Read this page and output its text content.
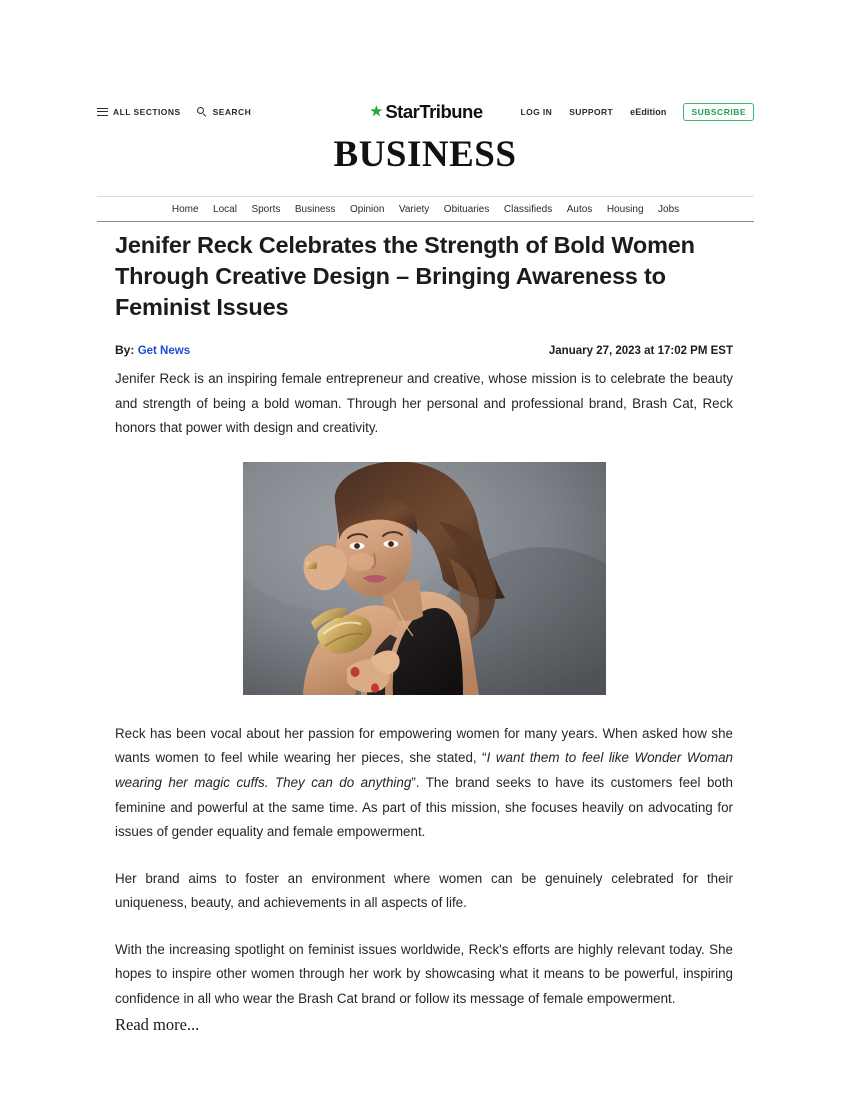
ALL SECTIONS	SEARCH	StarTribune	LOG IN SUPPORT eEdition	SUBSCRIBE
BUSINESS
Home Local Sports Business Opinion Variety Obituaries Classifieds Autos Housing Jobs
Jenifer Reck Celebrates the Strength of Bold Women Through Creative Design – Bringing Awareness to Feminist Issues
By: Get News	January 27, 2023 at 17:02 PM EST

Jenifer Reck is an inspiring female entrepreneur and creative, whose mission is to celebrate the beauty and strength of being a bold woman. Through her personal and professional brand, Brash Cat, Reck honors that power with design and creativity.

Reck has been vocal about her passion for empowering women for many years. When asked how she wants women to feel while wearing her pieces, she stated, “I want them to feel like Wonder Woman wearing her magic cuffs. They can do anything”. The brand seeks to have its customers feel both feminine and powerful at the same time. As part of this mission, she focuses heavily on advocating for issues of gender equality and female empowerment.

Her brand aims to foster an environment where women can be genuinely celebrated for their uniqueness, beauty, and achievements in all aspects of life.

With the increasing spotlight on feminist issues worldwide, Reck's efforts are highly relevant today. She hopes to inspire other women through her work by showcasing what it means to be powerful, inspiring confidence in all who wear the Brash Cat brand or follow its message of female empowerment.

Read more...
